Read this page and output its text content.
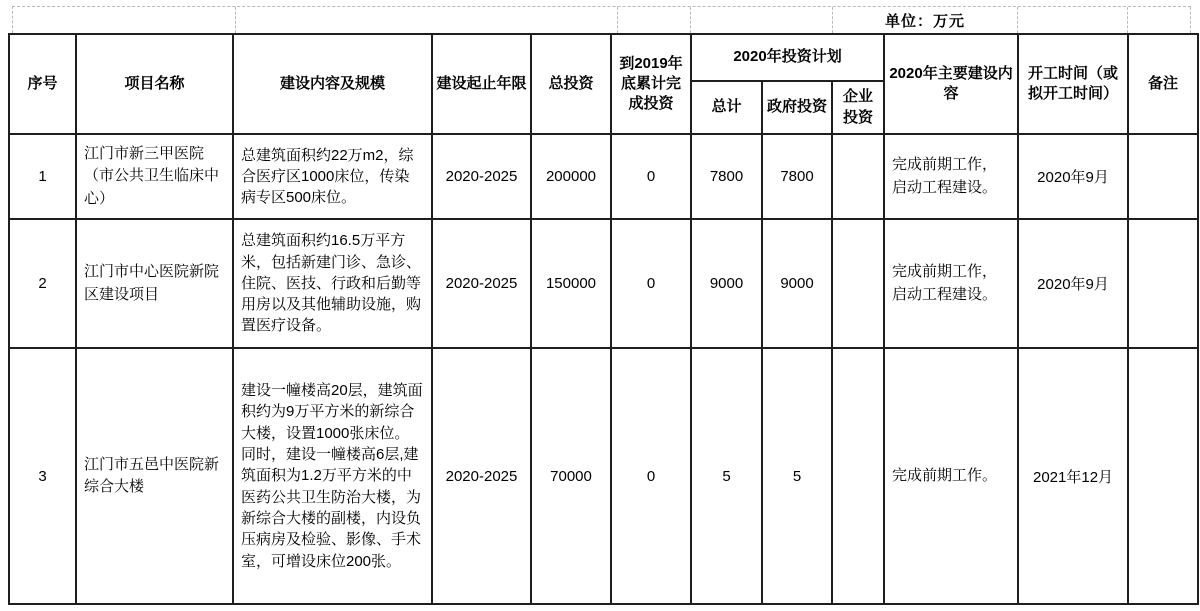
单位：万元
序号	项目名称	建设内容及规模	建设起止年限	总投资	到2019年底累计完成投资	2020年投资计划			2020年主要建设内容	开工时间（或拟开工时间）	备注
						总计	政府投资	企业投资			
1	江门市新三甲医院（市公共卫生临床中心）	总建筑面积约22万m2，综合医疗区1000床位，传染病专区500床位。	2020-2025	200000	0	7800	7800		完成前期工作，启动工程建设。	2020年9月	
2	江门市中心医院新院区建设项目	总建筑面积约16.5万平方米，包括新建门诊、急诊、住院、医技、行政和后勤等用房以及其他辅助设施，购置医疗设备。	2020-2025	150000	0	9000	9000		完成前期工作，启动工程建设。	2020年9月	
3	江门市五邑中医院新综合大楼	建设一幢楼高20层，建筑面积约为9万平方米的新综合大楼，设置1000张床位。同时，建设一幢楼高6层,建筑面积为1.2万平方米的中医药公共卫生防治大楼，为新综合大楼的副楼，内设负压病房及检验、影像、手术室，可增设床位200张。	2020-2025	70000	0	5	5		完成前期工作。	2021年12月	
